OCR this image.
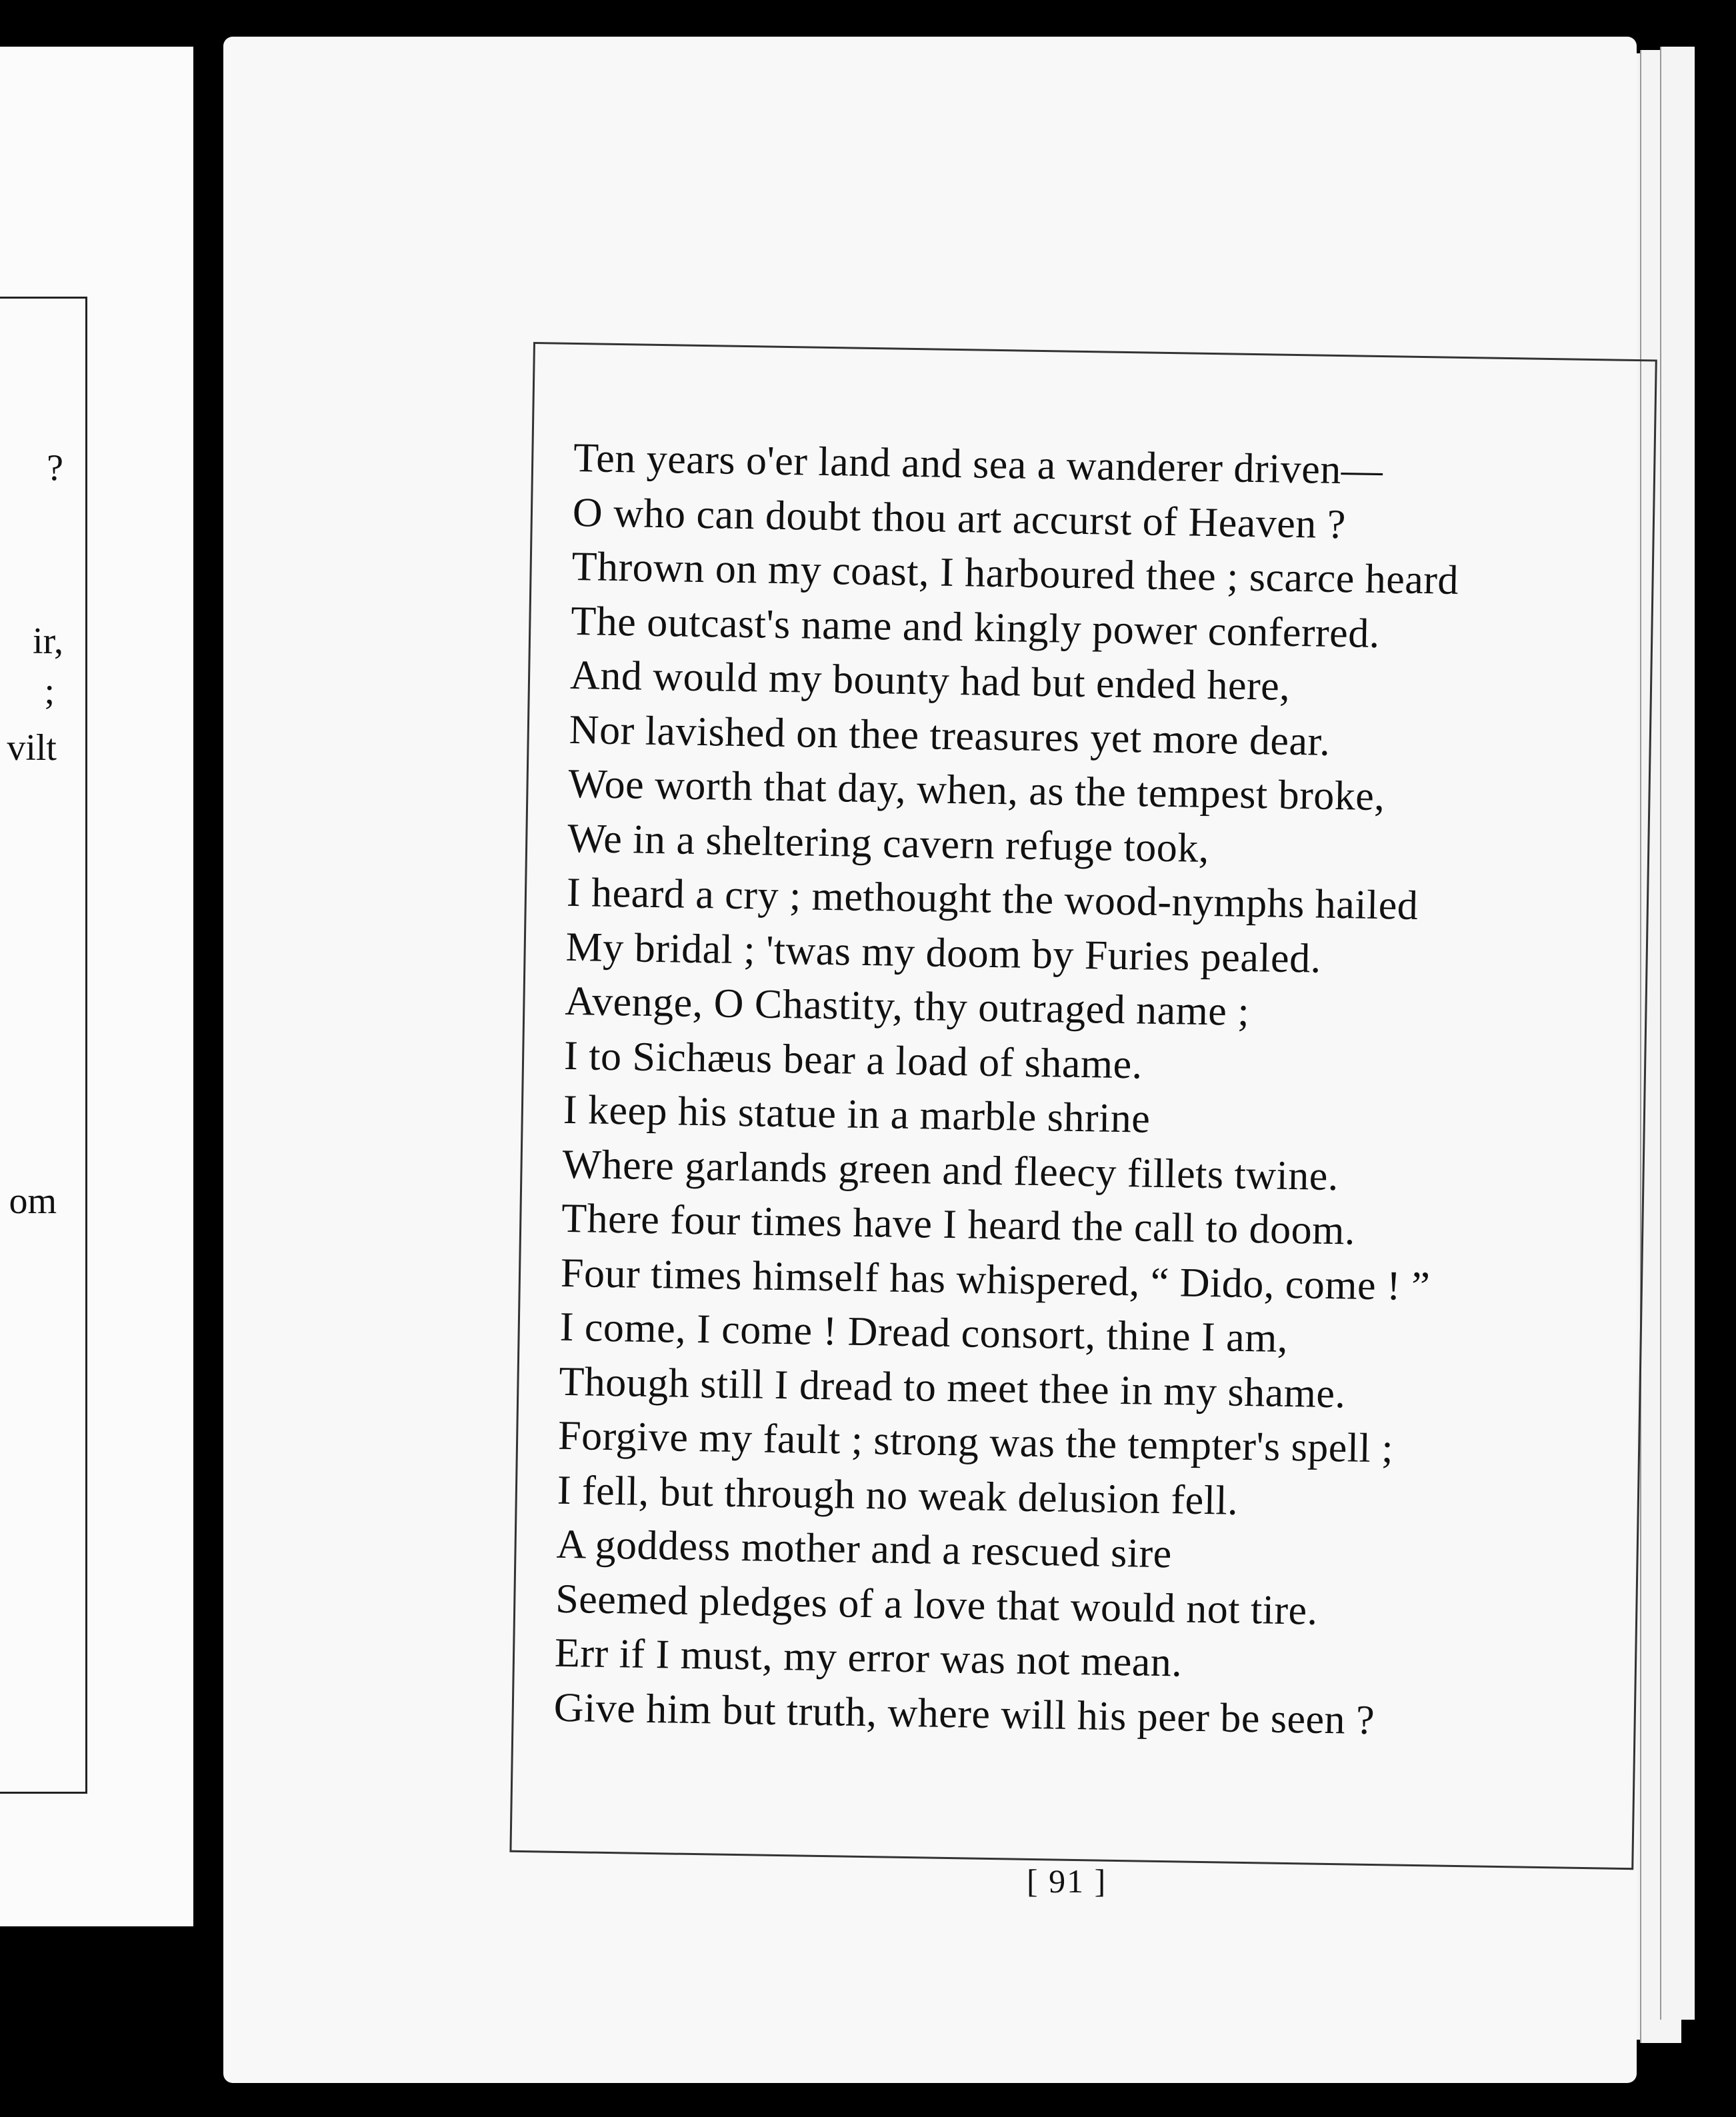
?
ir,
;
vilt
om
Ten years o'er land and sea a wanderer driven—
O who can doubt thou art accurst of Heaven ?
Thrown on my coast, I harboured thee ; scarce heard
The outcast's name and kingly power conferred.
And would my bounty had but ended here,
Nor lavished on thee treasures yet more dear.
Woe worth that day, when, as the tempest broke,
We in a sheltering cavern refuge took,
I heard a cry ; methought the wood-nymphs hailed
My bridal ; 'twas my doom by Furies pealed.
Avenge, O Chastity, thy outraged name ;
I to Sichæus bear a load of shame.
I keep his statue in a marble shrine
Where garlands green and fleecy fillets twine.
There four times have I heard the call to doom.
Four times himself has whispered, “ Dido, come ! ”
I come, I come ! Dread consort, thine I am,
Though still I dread to meet thee in my shame.
Forgive my fault ; strong was the tempter's spell ;
I fell, but through no weak delusion fell.
A goddess mother and a rescued sire
Seemed pledges of a love that would not tire.
Err if I must, my error was not mean.
Give him but truth, where will his peer be seen ?
[ 91 ]
